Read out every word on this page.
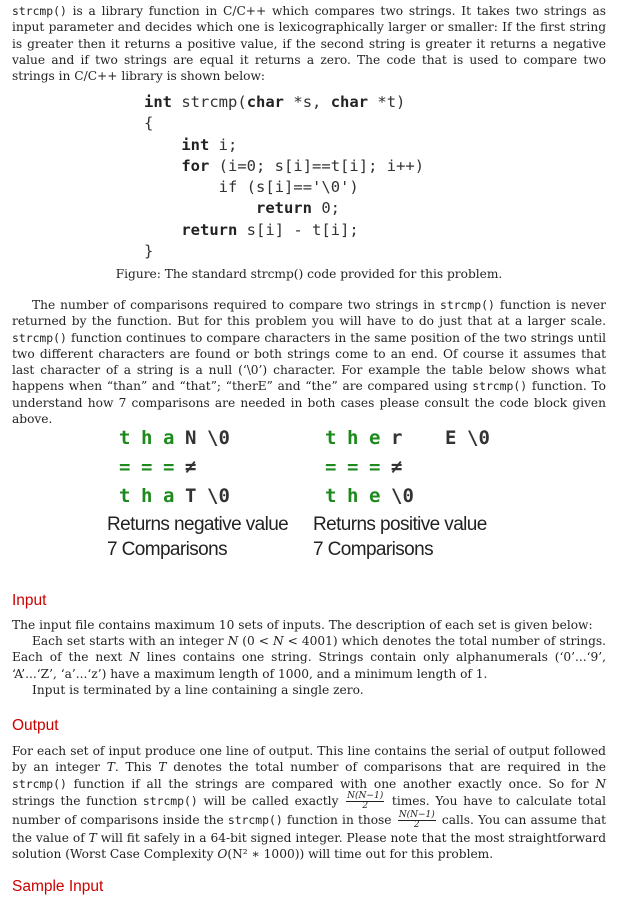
strcmp() is a library function in C/C++ which compares two strings. It takes two strings as input parameter and decides which one is lexicographically larger or smaller: If the first string is greater then it returns a positive value, if the second string is greater it returns a negative value and if two strings are equal it returns a zero. The code that is used to compare two strings in C/C++ library is shown below:

int strcmp(char *s, char *t)
{
int i;
for (i=0; s[i]==t[i]; i++)
if (s[i]=='\0')
return 0;
return s[i] - t[i];
}
Figure: The standard strcmp() code provided for this problem.

The number of comparisons required to compare two strings in strcmp() function is never returned by the function. But for this problem you will have to do just that at a larger scale. strcmp() function continues to compare characters in the same position of the two strings until two different characters are found or both strings come to an end. Of course it assumes that last character of a string is a null (‘\0’) character. For example the table below shows what happens when “than” and “that”; “therE” and “the” are compared using strcmp() function. To understand how 7 comparisons are needed in both cases please consult the code block given above.

Returns negative value
7 Comparisons
Returns positive value
7 Comparisons
t h a N \0
= = = ≠
t h a T \0
t h e r E \0
= = = ≠
t h e \0
Input

The input file contains maximum 10 sets of inputs. The description of each set is given below:

Each set starts with an integer N (0 < N < 4001) which denotes the total number of strings. Each of the next N lines contains one string. Strings contain only alphanumerals (‘0’...‘9’, ‘A’...‘Z’, ‘a’...‘z’) have a maximum length of 1000, and a minimum length of 1.

Input is terminated by a line containing a single zero.

Output

For each set of input produce one line of output. This line contains the serial of output followed by an integer T. This T denotes the total number of comparisons that are required in the strcmp() function if all the strings are compared with one another exactly once. So for N strings the function strcmp() will be called exactly $\frac{N(N-1)}{2}$ times. You have to calculate total number of comparisons inside the strcmp() function in those $\frac{N(N-1)}{2}$ calls. You can assume that the value of T will fit safely in a 64-bit signed integer. Please note that the most straightforward solution (Worst Case Complexity O(N² ∗ 1000)) will time out for this problem.

Sample Input
